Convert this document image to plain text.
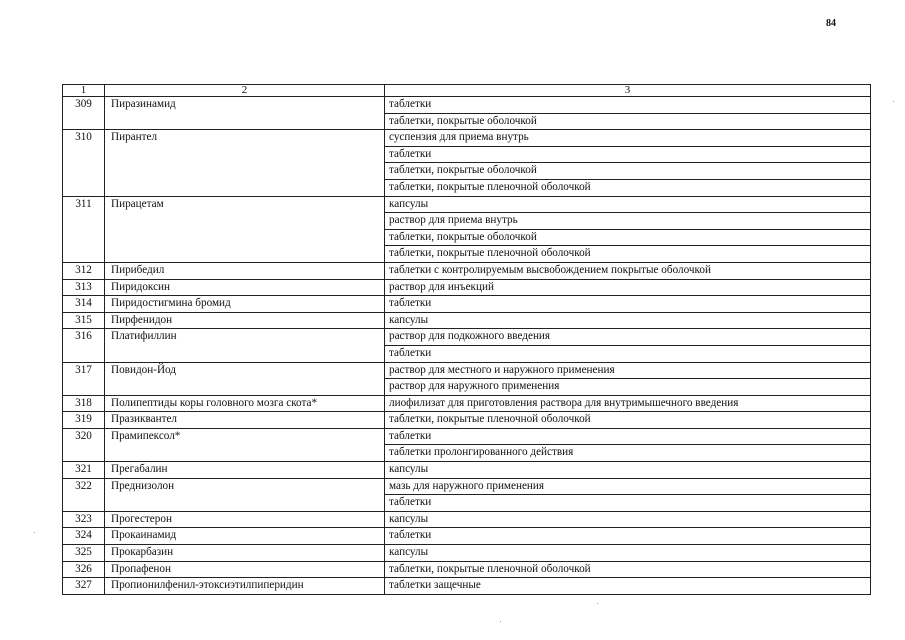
84
1	2	3
309	Пиразинамид	таблетки
		таблетки, покрытые оболочкой
310	Пирантел	суспензия для приема внутрь
		таблетки
		таблетки, покрытые оболочкой
		таблетки, покрытые пленочной оболочкой
311	Пирацетам	капсулы
		раствор для приема внутрь
		таблетки, покрытые оболочкой
		таблетки, покрытые пленочной оболочкой
312	Пирибедил	таблетки с контролируемым высвобождением покрытые оболочкой
313	Пиридоксин	раствор для инъекций
314	Пиридостигмина бромид	таблетки
315	Пирфенидон	капсулы
316	Платифиллин	раствор для подкожного введения
		таблетки
317	Повидон-Йод	раствор для местного и наружного применения
		раствор для наружного применения
318	Полипептиды коры головного мозга скота*	лиофилизат для приготовления раствора для внутримышечного введения
319	Празиквантел	таблетки, покрытые пленочной оболочкой
320	Прамипексол*	таблетки
		таблетки пролонгированного действия
321	Прегабалин	капсулы
322	Преднизолон	мазь для наружного применения
		таблетки
323	Прогестерон	капсулы
324	Прокаинамид	таблетки
325	Прокарбазин	капсулы
326	Пропафенон	таблетки, покрытые пленочной оболочкой
327	Пропионилфенил-этоксиэтилпиперидин	таблетки защечные
